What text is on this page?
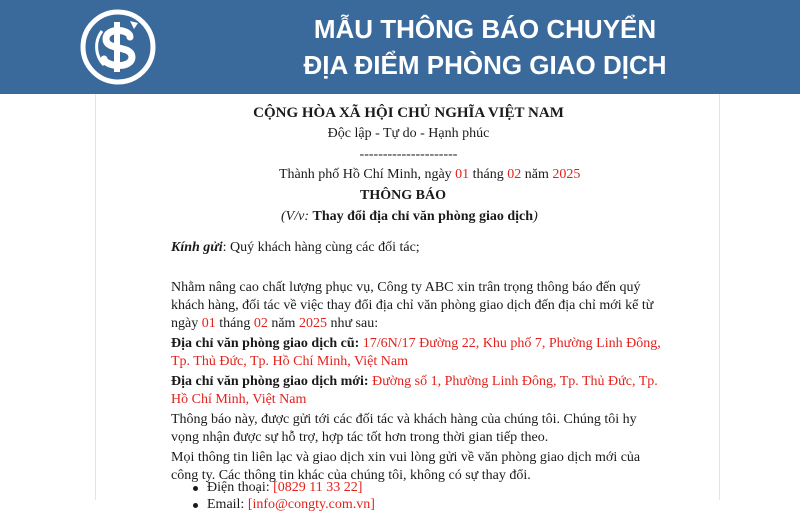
MẪU THÔNG BÁO CHUYỂN
ĐỊA ĐIỂM PHÒNG GIAO DỊCH
CỘNG HÒA XÃ HỘI CHỦ NGHĨA VIỆT NAM
Độc lập - Tự do - Hạnh phúc
---------------------
Thành phố Hồ Chí Minh, ngày 01 tháng 02 năm 2025
THÔNG BÁO
(V/v: Thay đổi địa chỉ văn phòng giao dịch)
Kính gửi: Quý khách hàng cùng các đối tác;
Nhằm nâng cao chất lượng phục vụ, Công ty ABC xin trân trọng thông báo đến quý
khách hàng, đối tác về việc thay đổi địa chỉ văn phòng giao dịch đến địa chỉ mới kể từ
ngày 01 tháng 02 năm 2025 như sau:
Địa chỉ văn phòng giao dịch cũ: 17/6N/17 Đường 22, Khu phố 7, Phường Linh Đông,
Tp. Thủ Đức, Tp. Hồ Chí Minh, Việt Nam
Địa chỉ văn phòng giao dịch mới: Đường số 1, Phường Linh Đông, Tp. Thủ Đức, Tp.
Hồ Chí Minh, Việt Nam
Thông báo này, được gửi tới các đối tác và khách hàng của chúng tôi. Chúng tôi hy
vọng nhận được sự hỗ trợ, hợp tác tốt hơn trong thời gian tiếp theo.
Mọi thông tin liên lạc và giao dịch xin vui lòng gửi về văn phòng giao dịch mới của
công ty. Các thông tin khác của chúng tôi, không có sự thay đổi.
Điện thoại: [0829 11 33 22]
Email: [info@congty.com.vn]
